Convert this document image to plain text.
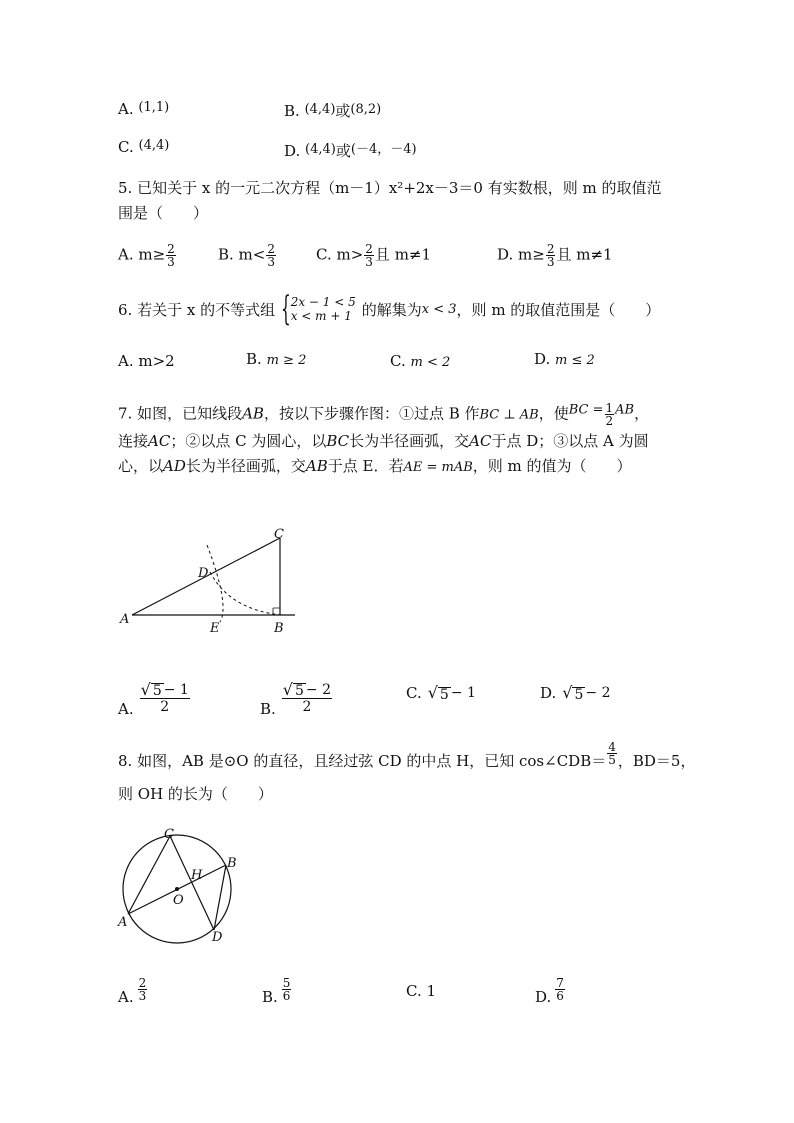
A. (1,1)	B. (4,4)或(8,2)
C. (4,4)	D. (4,4)或(－4，－4)
5. 已知关于 x 的一元二次方程（m－1）x²+2x－3＝0 有实数根，则 m 的取值范
围是（　　）
A. $m\ge \frac{2}{3}$	B. $m< \frac{2}{3}$	C. $m> \frac{2}{3}$ 且 m≠1	D. $m\ge \frac{2}{3}$ 且 m≠1
6. 若关于 x 的不等式组 { 2x − 1 < 5
x < m + 1 的解集为 x < 3 ，则 m 的取值范围是（　　）
A. m>2	B. m ≥ 2	C. m < 2	D. m ≤ 2
7. 如图，已知线段AB，按以下步骤作图：①过点 B 作BC ⊥ AB，使BC = $\frac{1}{2}$ AB，
连接AC；②以点 C 为圆心，以BC长为半径画弧，交AC于点 D；③以点 A 为圆
心，以AD长为半径画弧，交AB于点 E．若AE = mAB，则 m 的值为（　　）
A
B
C
D
E
A. $\frac{√ 5 - 1}{2}$	B. $\frac{√ 5 - 2}{2}$	C. √ 5 − 1	D. √ 5 − 2
8. 如图，AB 是⊙O 的直径，且经过弦 CD 的中点 H，已知 cos∠CDB＝ $\frac{4}{5}$ ，BD＝5，
则 OH 的长为（　　）
C
B
H
O
A
D
A. $\frac{2}{3}$	B. $\frac{5}{6}$	C. 1	D. $\frac{7}{6}$
